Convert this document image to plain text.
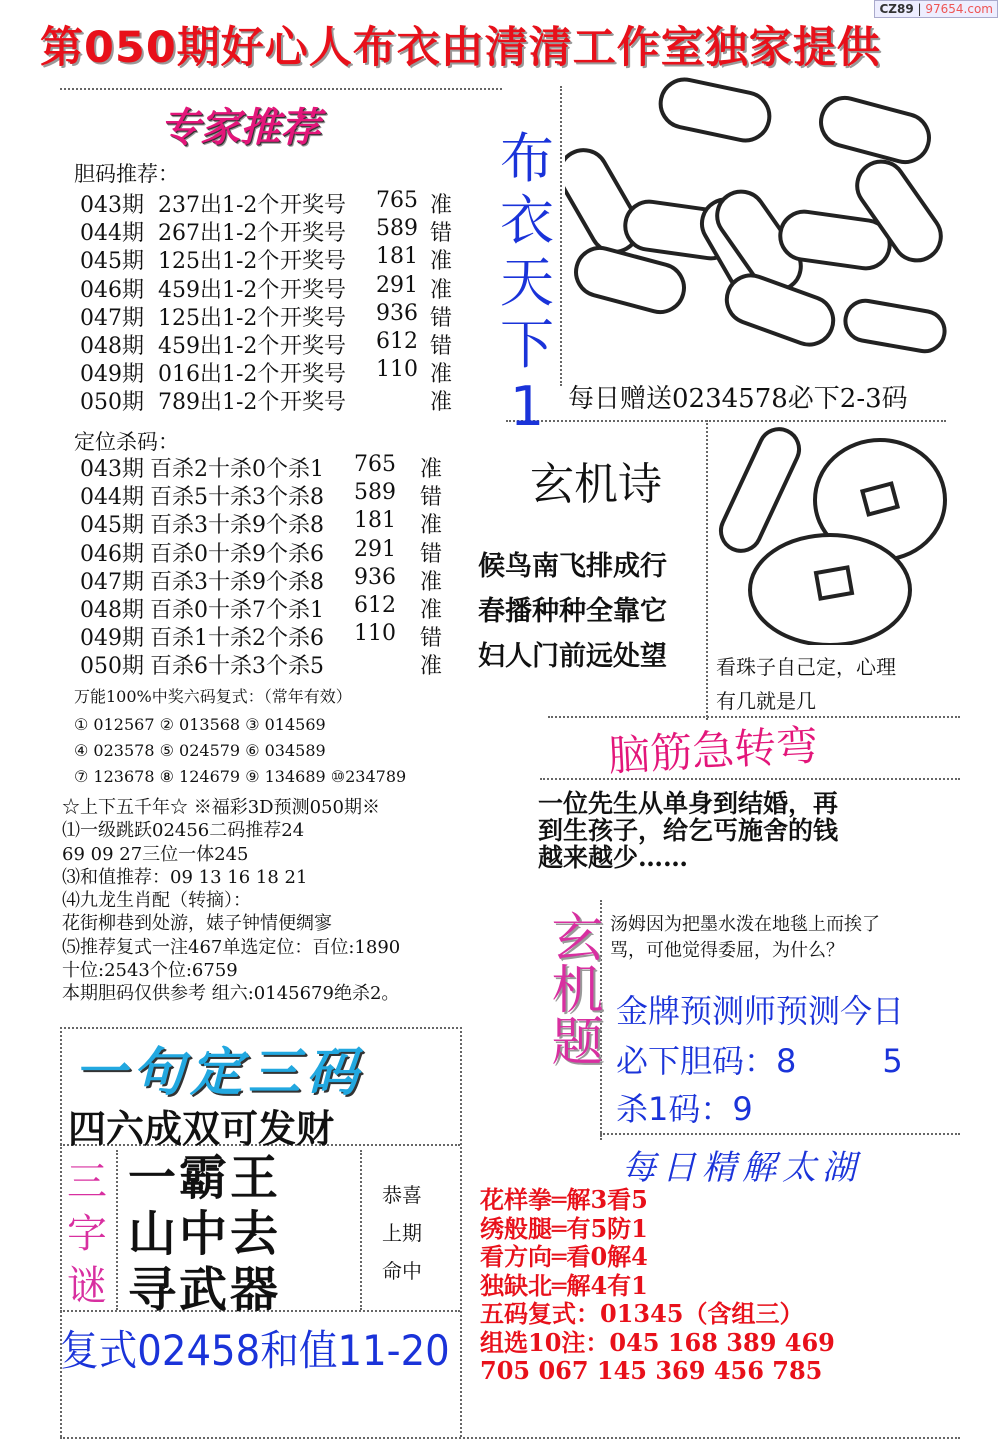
第050期好心人布衣由清清工作室独家提供
CZ89 | 97654.com
专家推荐
胆码推荐：
043期 237出1-2个 开奖号 765 准
044期 267出1-2个 开奖号 589 错
045期 125出1-2个 开奖号 181 准
046期 459出1-2个 开奖号 291 准
047期 125出1-2个 开奖号 936 错
048期 459出1-2个 开奖号 612 错
049期 016出1-2个 开奖号 110 准
050期 789出1-2个 开奖号	准
定位杀码：
043期 百杀2十杀0个杀1 765 准
044期 百杀5十杀3个杀8 589 错
045期 百杀3十杀9个杀8 181 准
046期 百杀0十杀9个杀6 291 错
047期 百杀3十杀9个杀8 936 准
048期 百杀0十杀7个杀1 612 准
049期 百杀1十杀2个杀6 110 错
050期 百杀6十杀3个杀5	准
万能100%中奖六码复式：（常年有效）
① 012567 ② 013568 ③ 014569
④ 023578 ⑤ 024579 ⑥ 034589
⑦ 123678 ⑧ 124679 ⑨ 134689 ⑩234789
☆上下五千年☆ ※福彩3D预测050期※
⑴一级跳跃02456二码推荐24
69 09 27三位一体245
⑶和值推荐：09 13 16 18 21
⑷九龙生肖配（转摘）：
花街柳巷到处游，婊子钟情便绸寥
⑸推荐复式一注467单选定位：百位:1890
十位:2543个位:6759
本期胆码仅供参考 组六:0145679绝杀2。
布
衣
天
下
1 每日赠送0234578必下2-3码
玄机诗
候鸟南飞排成行
春播种种全靠它
妇人门前远处望 看珠子自己定，心理
有几就是几
脑筋急转弯
一位先生从单身到结婚，再
到生孩子，给乞丐施舍的钱
越来越少……
玄机题 汤姆因为把墨水泼在地毯上而挨了
骂，可他觉得委屈，为什么？
金牌预测师预测今日
必下胆码：8	5
杀1码：9
每日精解太湖
花样拳═解3看5
绣般腿═有5防1
看方向═看0解4
独缺北═解4有1
五码复式：01345（含组三）
组选10注：045 168 389 469
705 067 145 369 456 785
一句定三码
四六成双可发财
三
字
谜
一霸王
山中去
寻武器
恭喜
上期
命中
复式02458和值11-20
